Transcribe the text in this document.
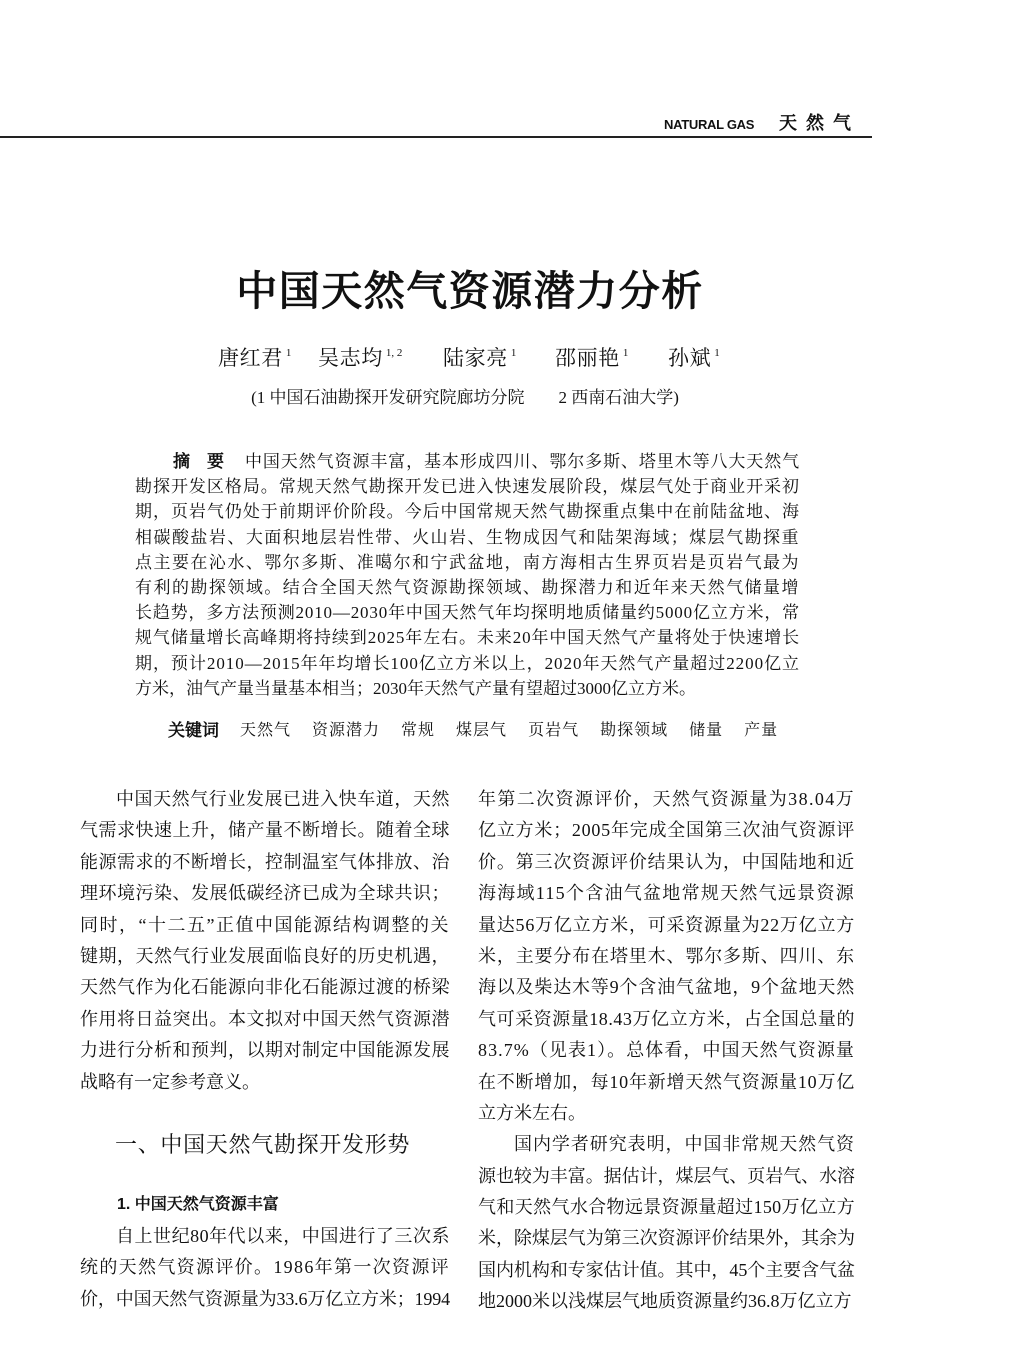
NATURAL GAS 天 然 气
中国天然气资源潜力分析
唐红君 $^1$ 吴志均 $^{1, 2}$ 陆家亮 $^1$ 邵丽艳 $^1$ 孙斌 $^1$
(1 中国石油勘探开发研究院廊坊分院　　2 西南石油大学)
摘　要	中国天然气资源丰富，基本形成四川、鄂尔多斯、塔里木等八大天然气
勘探开发区格局。常规天然气勘探开发已进入快速发展阶段，煤层气处于商业开采初
期，页岩气仍处于前期评价阶段。今后中国常规天然气勘探重点集中在前陆盆地、海
相碳酸盐岩、大面积地层岩性带、火山岩、生物成因气和陆架海域；煤层气勘探重
点主要在沁水、鄂尔多斯、准噶尔和宁武盆地，南方海相古生界页岩是页岩气最为
有利的勘探领域。结合全国天然气资源勘探领域、勘探潜力和近年来天然气储量增
长趋势，多方法预测2010—2030年中国天然气年均探明地质储量约5000亿立方米，常
规气储量增长高峰期将持续到2025年左右。未来20年中国天然气产量将处于快速增长
期，预计2010—2015年年均增长100亿立方米以上，2020年天然气产量超过2200亿立
方米，油气产量当量基本相当；2030年天然气产量有望超过3000亿立方米。
关键词 天然气 资源潜力 常规 煤层气 页岩气 勘探领域 储量 产量
中国天然气行业发展已进入快车道，天然
气需求快速上升，储产量不断增长。随着全球
能源需求的不断增长，控制温室气体排放、治
理环境污染、发展低碳经济已成为全球共识；
同时，“十二五”正值中国能源结构调整的关
键期，天然气行业发展面临良好的历史机遇，
天然气作为化石能源向非化石能源过渡的桥梁
作用将日益突出。本文拟对中国天然气资源潜
力进行分析和预判，以期对制定中国能源发展
战略有一定参考意义。
一、中国天然气勘探开发形势
1. 中国天然气资源丰富
自上世纪80年代以来，中国进行了三次系
统的天然气资源评价。1986年第一次资源评
价，中国天然气资源量为33.6万亿立方米；1994
年第二次资源评价，天然气资源量为38.04万
亿立方米；2005年完成全国第三次油气资源评
价。第三次资源评价结果认为，中国陆地和近
海海域115个含油气盆地常规天然气远景资源
量达56万亿立方米，可采资源量为22万亿立方
米，主要分布在塔里木、鄂尔多斯、四川、东
海以及柴达木等9个含油气盆地，9个盆地天然
气可采资源量18.43万亿立方米，占全国总量的
83.7%（见表1）。总体看，中国天然气资源量
在不断增加，每10年新增天然气资源量10万亿
立方米左右。
国内学者研究表明，中国非常规天然气资
源也较为丰富。据估计，煤层气、页岩气、水溶
气和天然气水合物远景资源量超过150万亿立方
米，除煤层气为第三次资源评价结果外，其余为
国内机构和专家估计值。其中，45个主要含气盆
地2000米以浅煤层气地质资源量约36.8万亿立方
